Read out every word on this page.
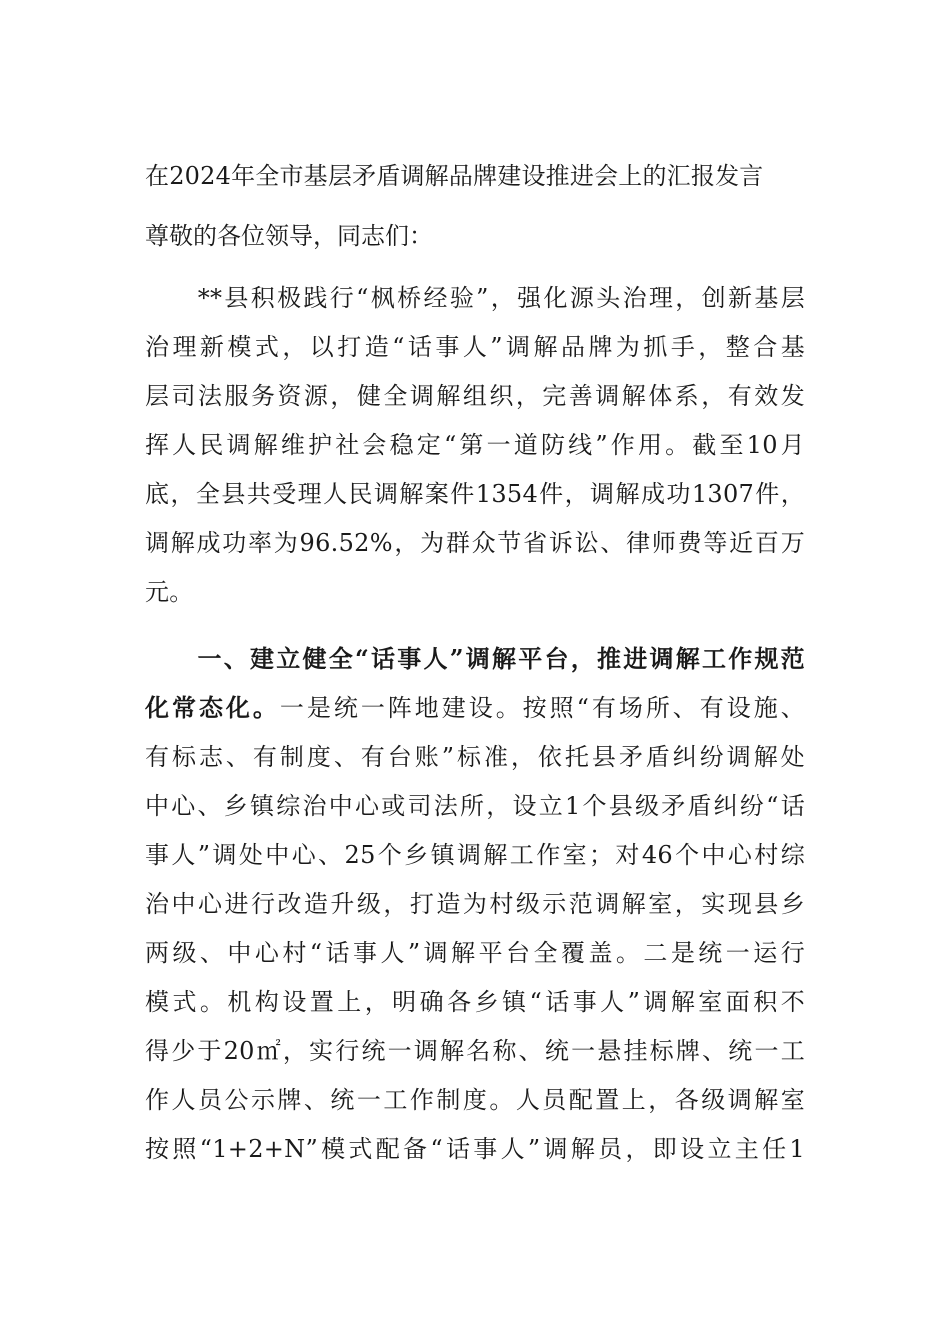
在2024年全市基层矛盾调解品牌建设推进会上的汇报发言

尊敬的各位领导，同志们：

　　**县积极践行“枫桥经验”，强化源头治理，创新基层
治理新模式，以打造“话事人”调解品牌为抓手，整合基
层司法服务资源，健全调解组织，完善调解体系，有效发
挥人民调解维护社会稳定“第一道防线”作用。截至10月
底，全县共受理人民调解案件1354件，调解成功1307件，
调解成功率为96.52%，为群众节省诉讼、律师费等近百万
元。
　　一、建立健全“话事人”调解平台，推进调解工作规范
化常态化。一是统一阵地建设。按照“有场所、有设施、
有标志、有制度、有台账”标准，依托县矛盾纠纷调解处
中心、乡镇综治中心或司法所，设立1个县级矛盾纠纷“话
事人”调处中心、25个乡镇调解工作室；对46个中心村综
治中心进行改造升级，打造为村级示范调解室，实现县乡
两级、中心村“话事人”调解平台全覆盖。二是统一运行
模式。机构设置上，明确各乡镇“话事人”调解室面积不
得少于20㎡，实行统一调解名称、统一悬挂标牌、统一工
作人员公示牌、统一工作制度。人员配置上，各级调解室
按照“1+2+N”模式配备“话事人”调解员，即设立主任1
